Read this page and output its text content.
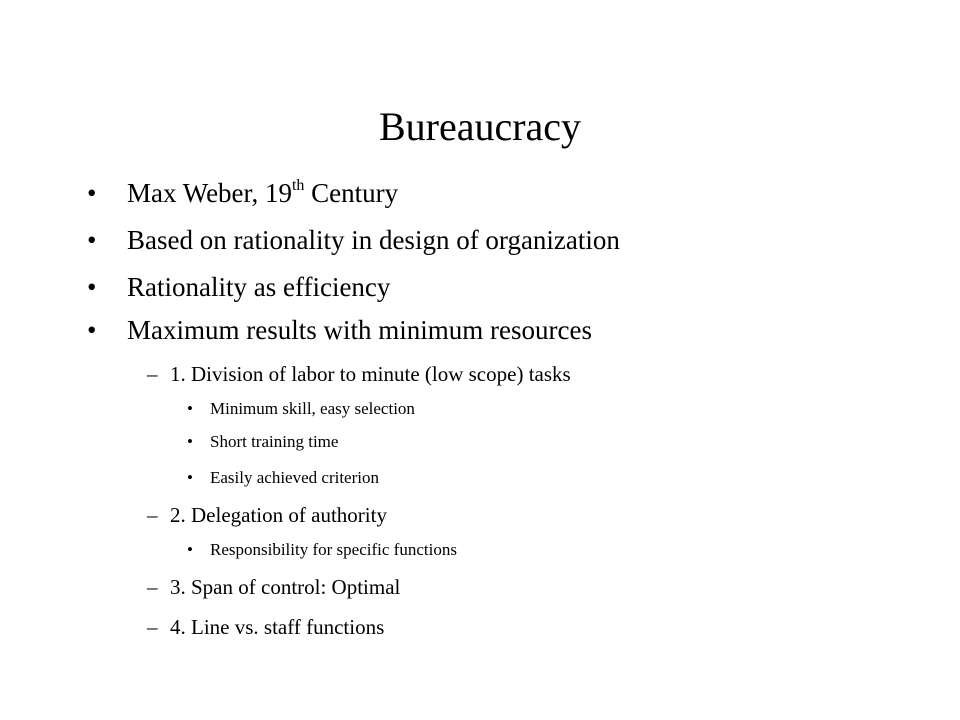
Bureaucracy
• Max Weber, 19th Century
• Based on rationality in design of organization
• Rationality as efficiency
• Maximum results with minimum resources
– 1. Division of labor to minute (low scope) tasks
• Minimum skill, easy selection
• Short training time
• Easily achieved criterion
– 2. Delegation of authority
• Responsibility for specific functions
– 3. Span of control: Optimal
– 4. Line vs. staff functions
